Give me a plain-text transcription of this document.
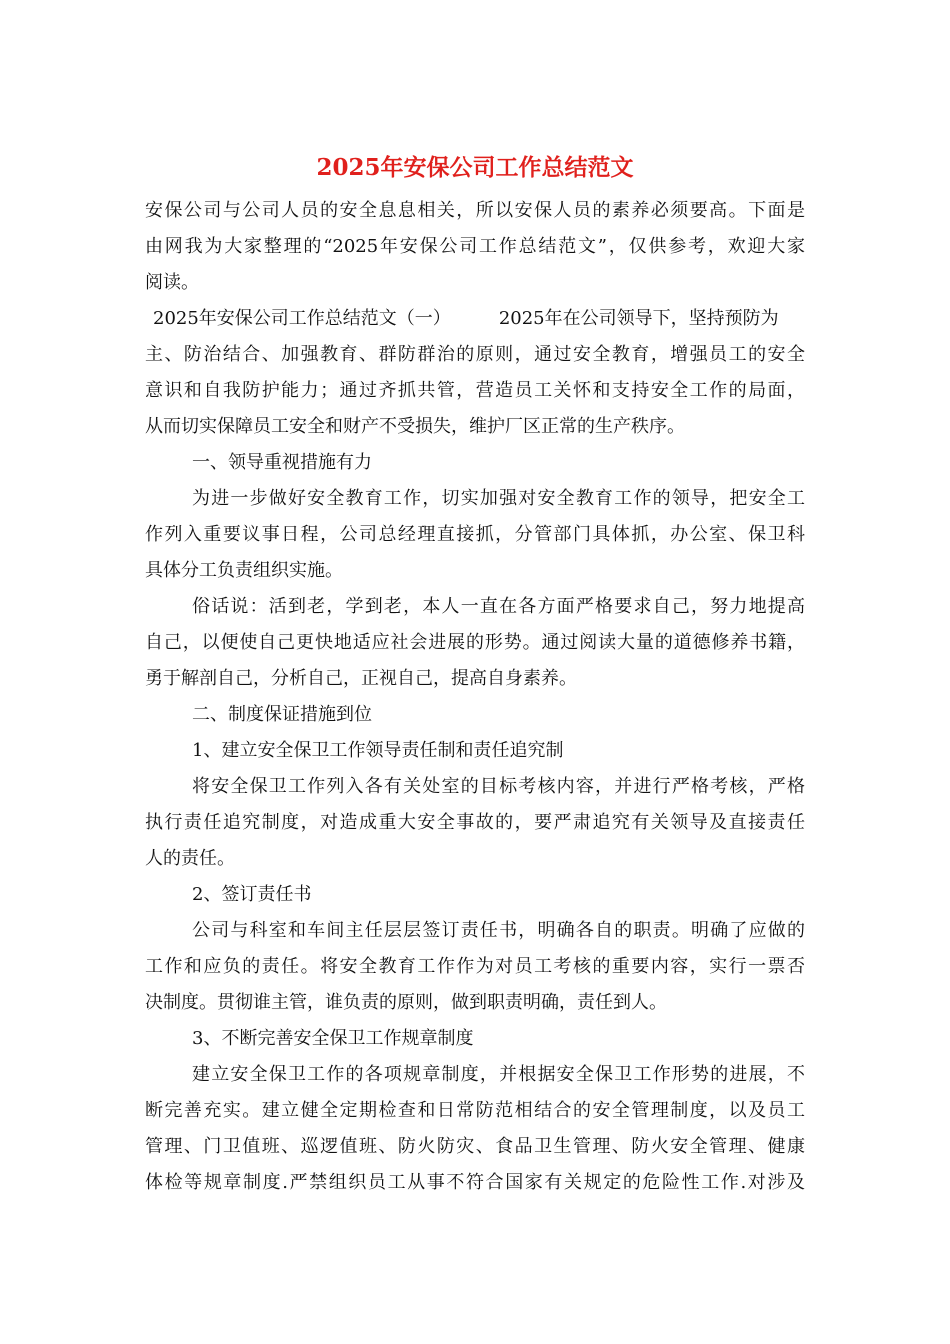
2025年安保公司工作总结范文
安保公司与公司人员的安全息息相关，所以安保人员的素养必须要高。下面是
由网我为大家整理的“2025年安保公司工作总结范文”，仅供参考，欢迎大家
阅读。
2025年安保公司工作总结范文（一）	2025年在公司领导下，坚持预防为
主、防治结合、加强教育、群防群治的原则，通过安全教育，增强员工的安全
意识和自我防护能力；通过齐抓共管，营造员工关怀和支持安全工作的局面，
从而切实保障员工安全和财产不受损失，维护厂区正常的生产秩序。
一、领导重视措施有力
为进一步做好安全教育工作，切实加强对安全教育工作的领导，把安全工
作列入重要议事日程，公司总经理直接抓，分管部门具体抓，办公室、保卫科
具体分工负责组织实施。
俗话说：活到老，学到老，本人一直在各方面严格要求自己，努力地提高
自己，以便使自己更快地适应社会进展的形势。通过阅读大量的道德修养书籍，
勇于解剖自己，分析自己，正视自己，提高自身素养。
二、制度保证措施到位
1、建立安全保卫工作领导责任制和责任追究制
将安全保卫工作列入各有关处室的目标考核内容，并进行严格考核，严格
执行责任追究制度，对造成重大安全事故的，要严肃追究有关领导及直接责任
人的责任。
2、签订责任书
公司与科室和车间主任层层签订责任书，明确各自的职责。明确了应做的
工作和应负的责任。将安全教育工作作为对员工考核的重要内容，实行一票否
决制度。贯彻谁主管，谁负责的原则，做到职责明确，责任到人。
3、不断完善安全保卫工作规章制度
建立安全保卫工作的各项规章制度，并根据安全保卫工作形势的进展，不
断完善充实。建立健全定期检查和日常防范相结合的安全管理制度，以及员工
管理、门卫值班、巡逻值班、防火防灾、食品卫生管理、防火安全管理、健康
体检等规章制度.严禁组织员工从事不符合国家有关规定的危险性工作.对涉及
